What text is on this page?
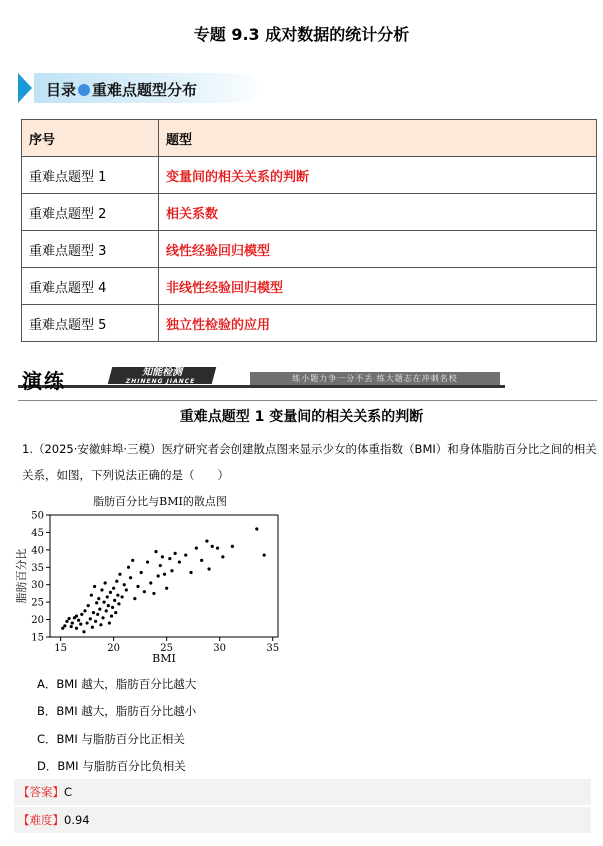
专题 9.3 成对数据的统计分析
目录 重难点题型分布
序号	题型
重难点题型 1	变量间的相关关系的判断
重难点题型 2	相关系数
重难点题型 3	线性经验回归模型
重难点题型 4	非线性经验回归模型
重难点题型 5	独立性检验的应用
演练	知能检测
ZHINENG JIANCE	练小题力争一分不丢 练大题志在冲刺名校
重难点题型 1 变量间的相关关系的判断
1.（2025·安徽蚌埠·三模）医疗研究者会创建散点图来显示少女的体重指数（BMI）和身体脂肪百分比之间的相关关系，如图，下列说法正确的是（　　）
脂肪百分比与BMI的散点图
15	20	25	30	35
15
20
25
30
35
40
45
50
BMI
脂肪百分比
A．BMI 越大，脂肪百分比越大
B．BMI 越大，脂肪百分比越小
C．BMI 与脂肪百分比正相关
D．BMI 与脂肪百分比负相关
【答案】C
【难度】0.94
